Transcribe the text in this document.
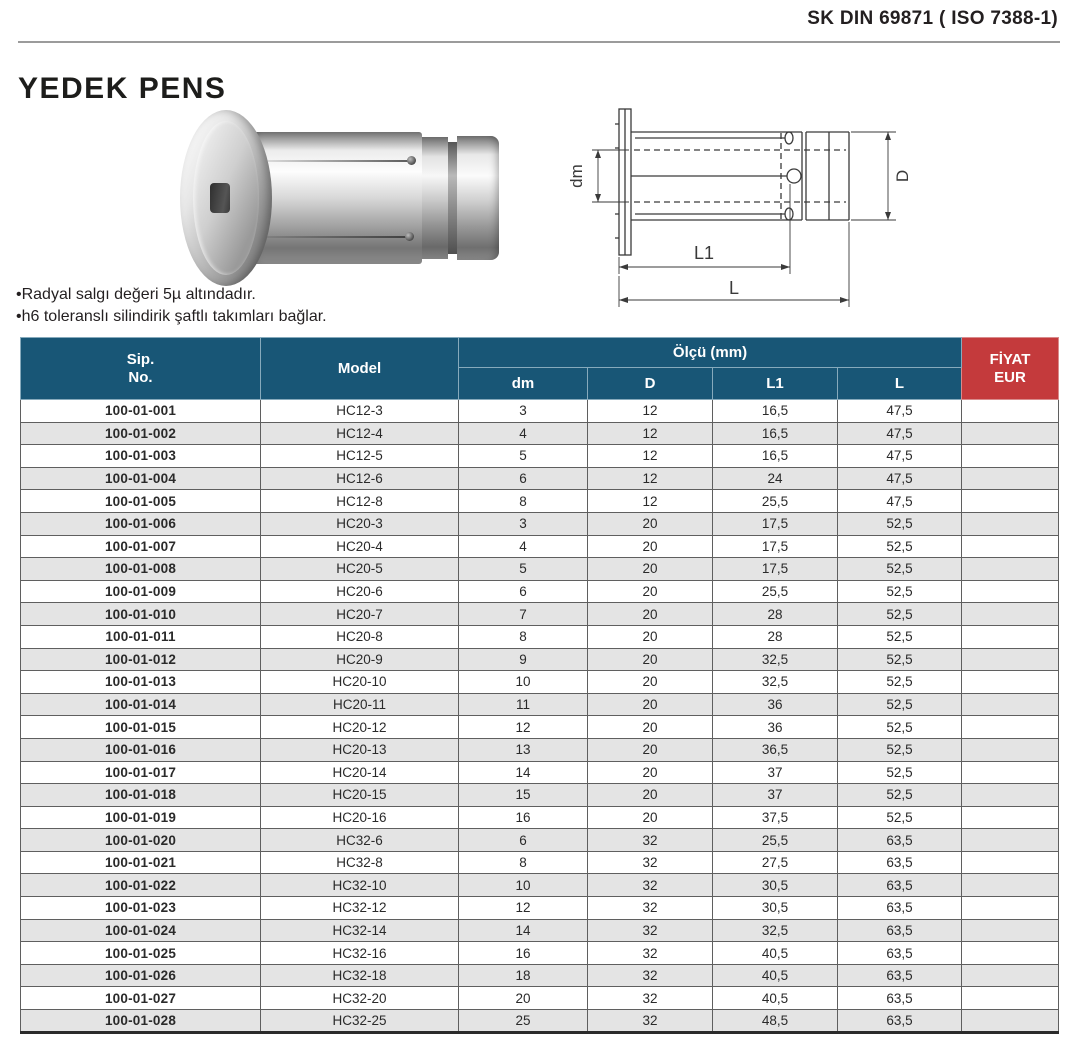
SK DIN 69871 ( ISO 7388-1)
YEDEK PENS
dm	D
L1
L
•Radyal salgı değeri 5µ altındadır.
•h6 toleranslı silindirik şaftlı takımları bağlar.
Sip.
No.	Model	Ölçü (mm)				FİYAT
EUR
		dm	D	L1	L	
100-01-001	HC12-3	3	12	16,5	47,5	
100-01-002	HC12-4	4	12	16,5	47,5	
100-01-003	HC12-5	5	12	16,5	47,5	
100-01-004	HC12-6	6	12	24	47,5	
100-01-005	HC12-8	8	12	25,5	47,5	
100-01-006	HC20-3	3	20	17,5	52,5	
100-01-007	HC20-4	4	20	17,5	52,5	
100-01-008	HC20-5	5	20	17,5	52,5	
100-01-009	HC20-6	6	20	25,5	52,5	
100-01-010	HC20-7	7	20	28	52,5	
100-01-011	HC20-8	8	20	28	52,5	
100-01-012	HC20-9	9	20	32,5	52,5	
100-01-013	HC20-10	10	20	32,5	52,5	
100-01-014	HC20-11	11	20	36	52,5	
100-01-015	HC20-12	12	20	36	52,5	
100-01-016	HC20-13	13	20	36,5	52,5	
100-01-017	HC20-14	14	20	37	52,5	
100-01-018	HC20-15	15	20	37	52,5	
100-01-019	HC20-16	16	20	37,5	52,5	
100-01-020	HC32-6	6	32	25,5	63,5	
100-01-021	HC32-8	8	32	27,5	63,5	
100-01-022	HC32-10	10	32	30,5	63,5	
100-01-023	HC32-12	12	32	30,5	63,5	
100-01-024	HC32-14	14	32	32,5	63,5	
100-01-025	HC32-16	16	32	40,5	63,5	
100-01-026	HC32-18	18	32	40,5	63,5	
100-01-027	HC32-20	20	32	40,5	63,5	
100-01-028	HC32-25	25	32	48,5	63,5	
